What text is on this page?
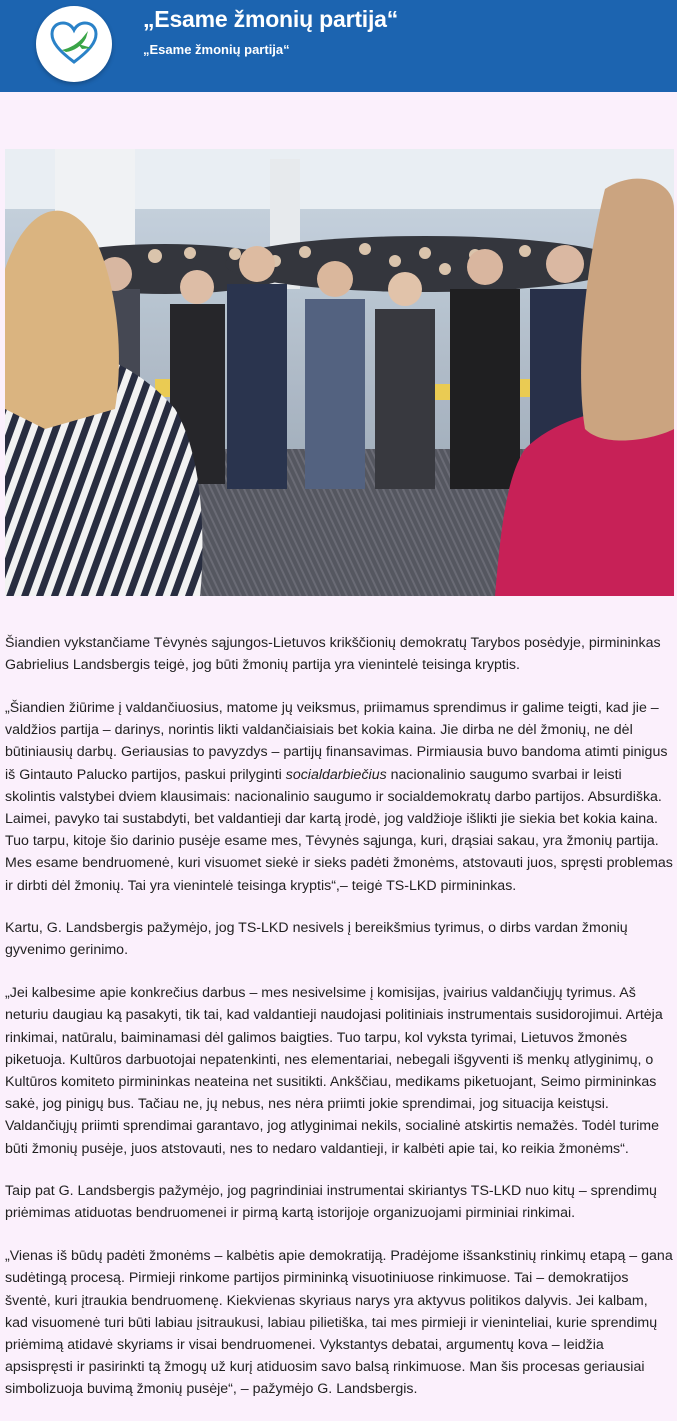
„Esame žmonių partija“
„Esame žmonių partija“

Šiandien vykstančiame Tėvynės sąjungos-Lietuvos krikščionių demokratų Tarybos posėdyje, pirmininkas Gabrielius Landsbergis teigė, jog būti žmonių partija yra vienintelė teisinga kryptis.

„Šiandien žiūrime į valdančiuosius, matome jų veiksmus, priimamus sprendimus ir galime teigti, kad jie – valdžios partija – darinys, norintis likti valdančiaisiais bet kokia kaina. Jie dirba ne dėl žmonių, ne dėl būtiniausių darbų. Geriausias to pavyzdys – partijų finansavimas. Pirmiausia buvo bandoma atimti pinigus iš Gintauto Palucko partijos, paskui prilyginti socialdarbiečius nacionalinio saugumo svarbai ir leisti skolintis valstybei dviem klausimais: nacionalinio saugumo ir socialdemokratų darbo partijos. Absurdiška. Laimei, pavyko tai sustabdyti, bet valdantieji dar kartą įrodė, jog valdžioje išlikti jie siekia bet kokia kaina. Tuo tarpu, kitoje šio darinio pusėje esame mes, Tėvynės sąjunga, kuri, drąsiai sakau, yra žmonių partija. Mes esame bendruomenė, kuri visuomet siekė ir sieks padėti žmonėms, atstovauti juos, spręsti problemas ir dirbti dėl žmonių. Tai yra vienintelė teisinga kryptis“,– teigė TS-LKD pirmininkas.

Kartu, G. Landsbergis pažymėjo, jog TS-LKD nesivels į bereikšmius tyrimus, o dirbs vardan žmonių gyvenimo gerinimo.

„Jei kalbesime apie konkrečius darbus – mes nesivelsime į komisijas, įvairius valdančiųjų tyrimus. Aš neturiu daugiau ką pasakyti, tik tai, kad valdantieji naudojasi politiniais instrumentais susidorojimui. Artėja rinkimai, natūralu, baiminamasi dėl galimos baigties. Tuo tarpu, kol vyksta tyrimai, Lietuvos žmonės piketuoja. Kultūros darbuotojai nepatenkinti, nes elementariai, nebegali išgyventi iš menkų atlyginimų, o Kultūros komiteto pirmininkas neateina net susitikti. Ankščiau, medikams piketuojant, Seimo pirmininkas sakė, jog pinigų bus. Tačiau ne, jų nebus, nes nėra priimti jokie sprendimai, jog situacija keistųsi. Valdančiųjų priimti sprendimai garantavo, jog atlyginimai nekils, socialinė atskirtis nemažės. Todėl turime būti žmonių pusėje, juos atstovauti, nes to nedaro valdantieji, ir kalbėti apie tai, ko reikia žmonėms“.

Taip pat G. Landsbergis pažymėjo, jog pagrindiniai instrumentai skiriantys TS-LKD nuo kitų – sprendimų priėmimas atiduotas bendruomenei ir pirmą kartą istorijoje organizuojami pirminiai rinkimai.

„Vienas iš būdų padėti žmonėms – kalbėtis apie demokratiją. Pradėjome išsankstinių rinkimų etapą – gana sudėtingą procesą. Pirmieji rinkome partijos pirmininką visuotiniuose rinkimuose. Tai – demokratijos šventė, kuri įtraukia bendruomenę. Kiekvienas skyriaus narys yra aktyvus politikos dalyvis. Jei kalbam, kad visuomenė turi būti labiau įsitraukusi, labiau pilietiška, tai mes pirmieji ir vieninteliai, kurie sprendimų priėmimą atidavė skyriams ir visai bendruomenei. Vykstantys debatai, argumentų kova – leidžia apsispręsti ir pasirinkti tą žmogų už kurį atiduosim savo balsą rinkimuose. Man šis procesas geriausiai simbolizuoja buvimą žmonių pusėje“, – pažymėjo G. Landsbergis.
